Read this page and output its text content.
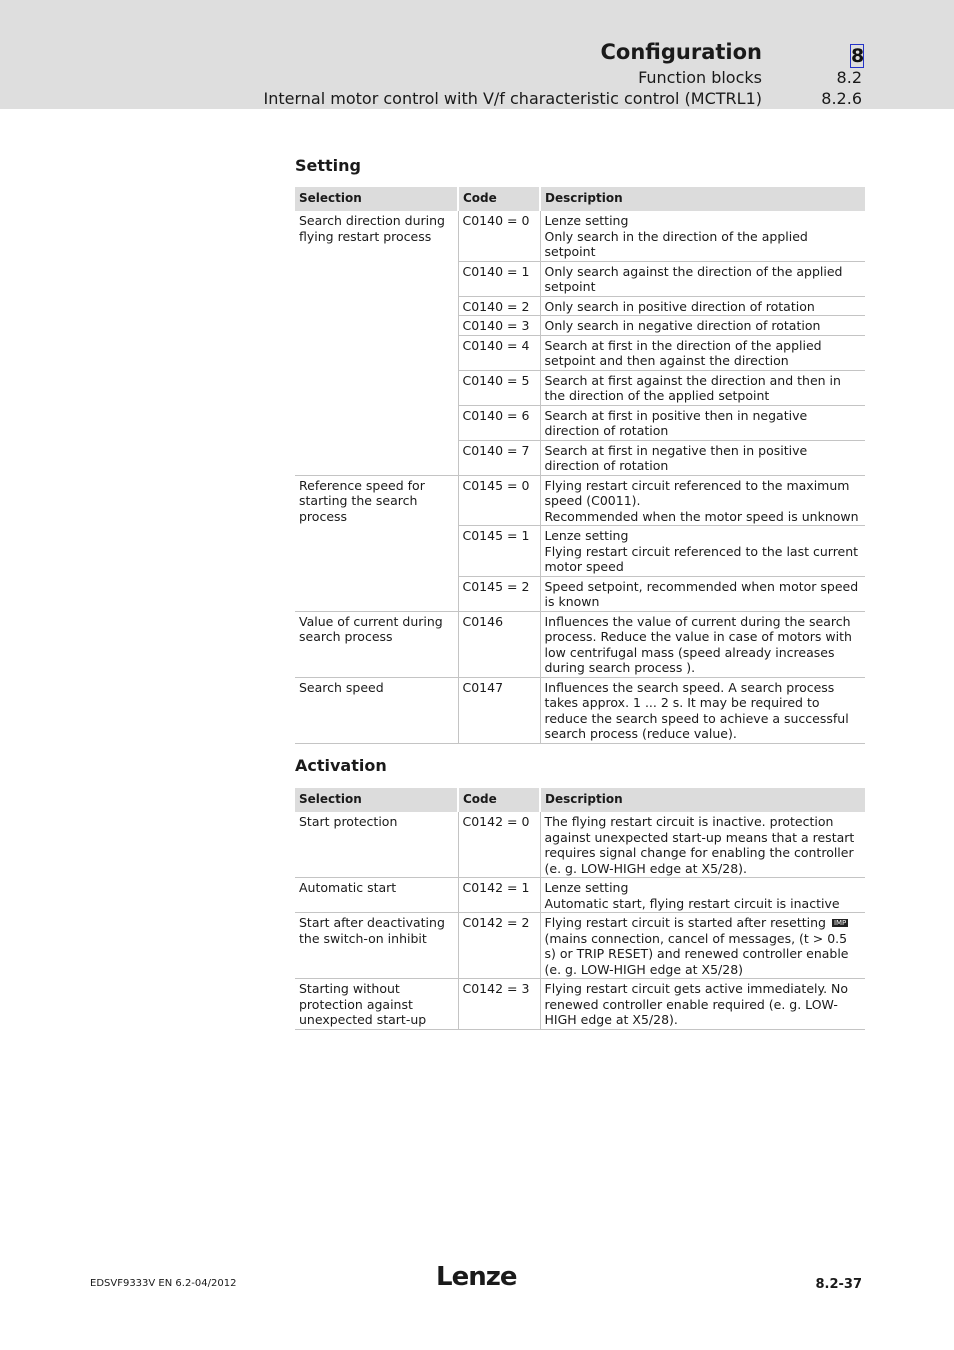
Configuration	8
Function blocks	8.2
Internal motor control with V/f characteristic control (MCTRL1)	8.2.6
Setting
Selection	Code	Description
Search direction during flying restart process	C0140 = 0	Lenze setting
Only search in the direction of the applied setpoint

	C0140 = 1	Only search against the direction of the applied setpoint
	C0140 = 2	Only search in positive direction of rotation
	C0140 = 3	Only search in negative direction of rotation
	C0140 = 4	Search at first in the direction of the applied setpoint and then against the direction
	C0140 = 5	Search at first against the direction and then in the direction of the applied setpoint
	C0140 = 6	Search at first in positive then in negative direction of rotation
	C0140 = 7	Search at first in negative then in positive direction of rotation
Reference speed for starting the search process	C0145 = 0	Flying restart circuit referenced to the maximum speed (C0011).
Recommended when the motor speed is unknown

	C0145 = 1	Lenze setting
Flying restart circuit referenced to the last current motor speed

	C0145 = 2	Speed setpoint, recommended when motor speed is known
Value of current during search process	C0146	Influences the value of current during the search process. Reduce the value in case of motors with low centrifugal mass (speed already increases during search process ).
Search speed	C0147	Influences the search speed. A search process takes approx. 1 ... 2 s. It may be required to reduce the search speed to achieve a successful search process (reduce value).
Activation
Selection	Code	Description
Start protection	C0142 = 0	The flying restart circuit is inactive. protection against unexpected start-up means that a restart requires signal change for enabling the controller (e. g. LOW-HIGH edge at X5/28).
Automatic start	C0142 = 1	Lenze setting
Automatic start, flying restart circuit is inactive

Start after deactivating the switch-on inhibit	C0142 = 2	Flying restart circuit is started after resetting IMP
(mains connection, cancel of messages, (t > 0.5 s) or TRIP RESET) and renewed controller enable (e. g. LOW-HIGH edge at X5/28)

Starting without protection against unexpected start-up	C0142 = 3	Flying restart circuit gets active immediately. No renewed controller enable required (e. g. LOW-HIGH edge at X5/28).
EDSVF9333V EN 6.2-04/2012	Lenze	8.2-37
